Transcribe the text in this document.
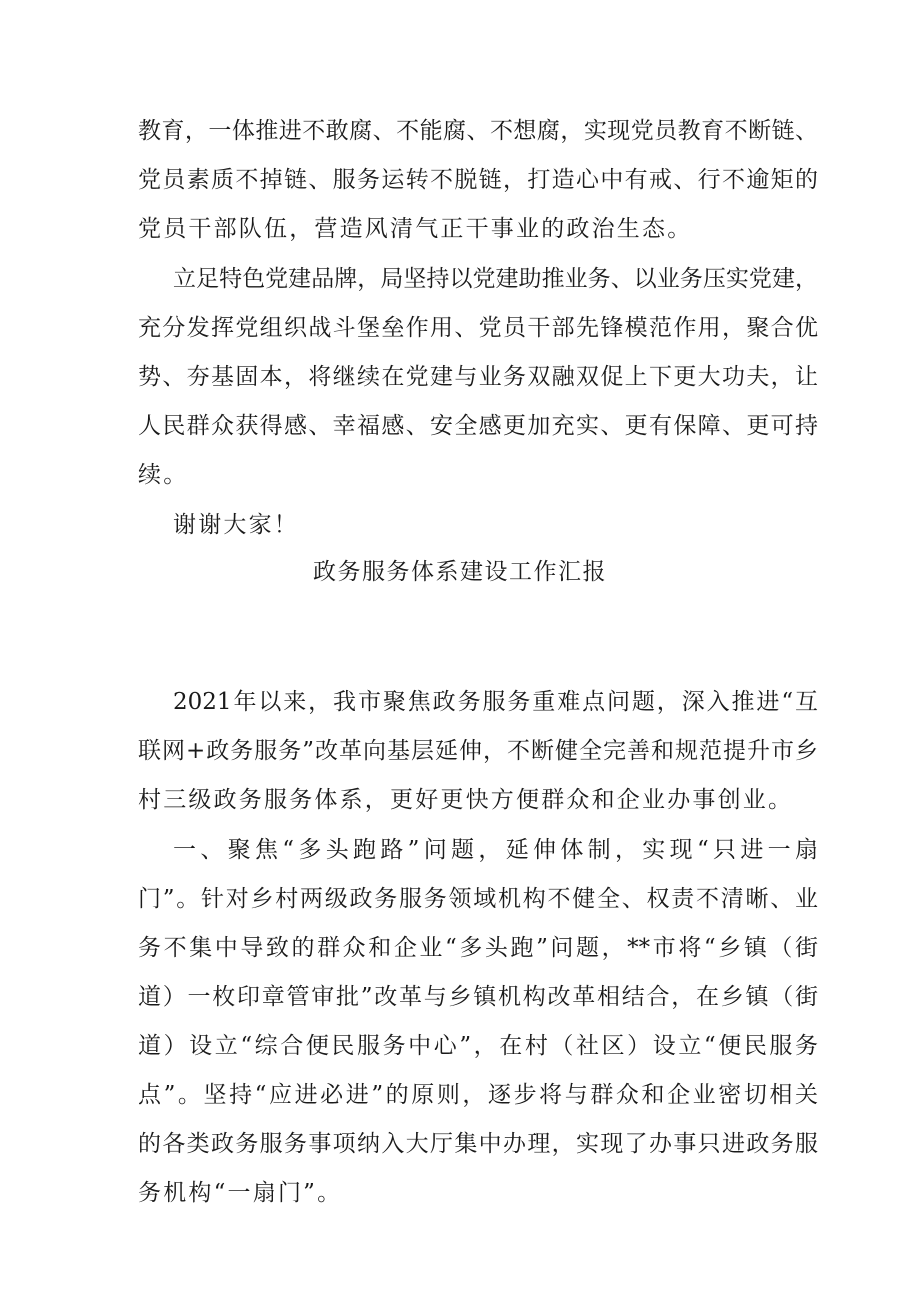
教育，一体推进不敢腐、不能腐、不想腐，实现党员教育不断链、
党员素质不掉链、服务运转不脱链，打造心中有戒、行不逾矩的
党员干部队伍，营造风清气正干事业的政治生态。
立足特色党建品牌，局坚持以党建助推业务、以业务压实党建，
充分发挥党组织战斗堡垒作用、党员干部先锋模范作用，聚合优
势、夯基固本，将继续在党建与业务双融双促上下更大功夫，让
人民群众获得感、幸福感、安全感更加充实、更有保障、更可持
续。
谢谢大家！
政务服务体系建设工作汇报
2021年以来，我市聚焦政务服务重难点问题，深入推进“互
联网+政务服务”改革向基层延伸，不断健全完善和规范提升市乡
村三级政务服务体系，更好更快方便群众和企业办事创业。
一、聚焦“多头跑路”问题，延伸体制，实现“只进一扇
门”。针对乡村两级政务服务领域机构不健全、权责不清晰、业
务不集中导致的群众和企业“多头跑”问题，**市将“乡镇（街
道）一枚印章管审批”改革与乡镇机构改革相结合，在乡镇（街
道）设立“综合便民服务中心”，在村（社区）设立“便民服务
点”。坚持“应进必进”的原则，逐步将与群众和企业密切相关
的各类政务服务事项纳入大厅集中办理，实现了办事只进政务服
务机构“一扇门”。
